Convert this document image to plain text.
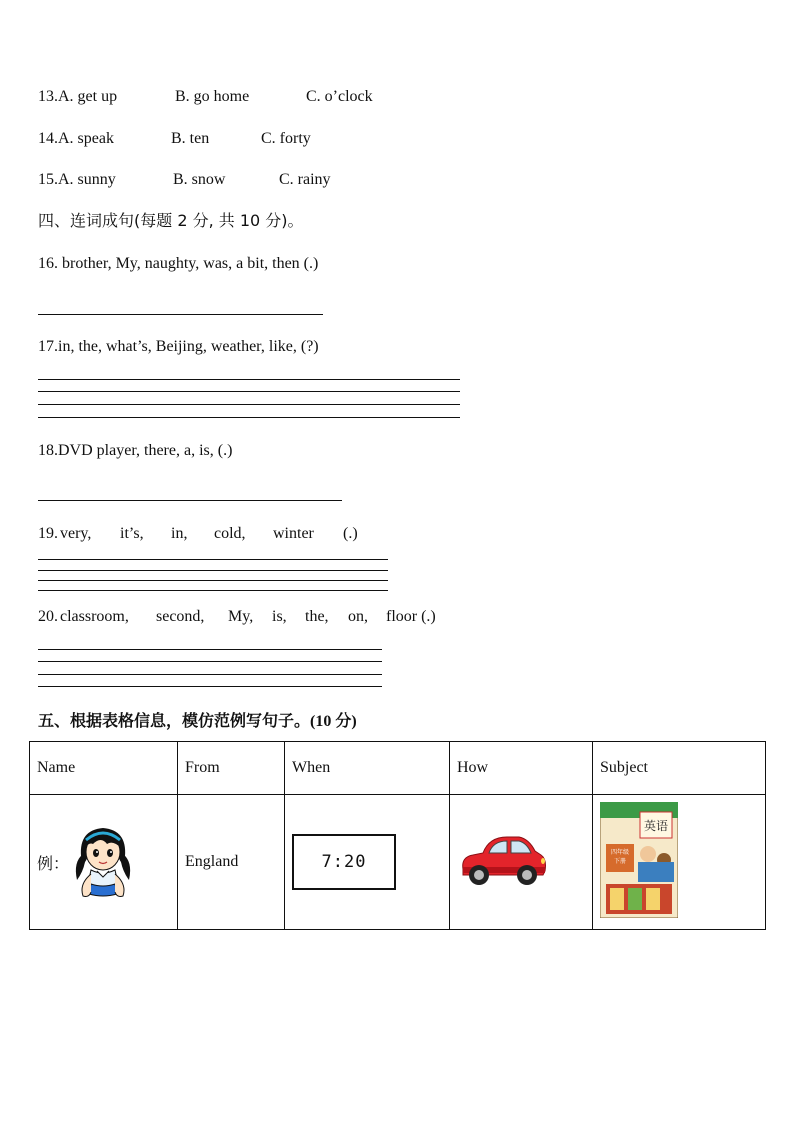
13.A. get up	B. go home	C. o’clock
14.A. speak	B. ten	C. forty
15.A. sunny	B. snow	C. rainy
四、连词成句(每题 2 分, 共 10 分)。
16. brother, My, naughty, was, a bit, then (.)
17.in, the, what’s, Beijing, weather, like, (?)
18.DVD player, there, a, is, (.)
19. very, it’s, in, cold, winter (.)
20. classroom, second, My, is, the, on, floor (.)
五、根据表格信息，模仿范例写句子。(10 分)
Name	From	When	How	Subject

例：	England	7:20		英语
四年级
下册
